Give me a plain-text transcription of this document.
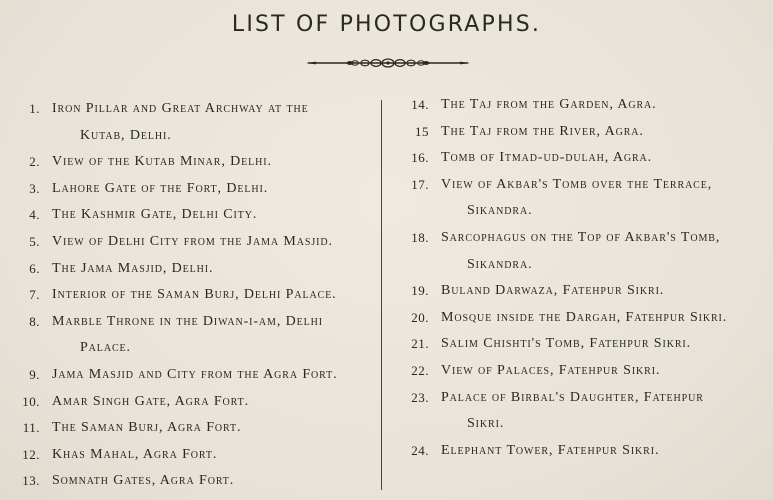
LIST OF PHOTOGRAPHS.
1. Iron Pillar and Great Archway at the
Kutab, Delhi.
2. View of the Kutab Minar, Delhi.
3. Lahore Gate of the Fort, Delhi.
4. The Kashmir Gate, Delhi City.
5. View of Delhi City from the Jama Masjid.
6. The Jama Masjid, Delhi.
7. Interior of the Saman Burj, Delhi Palace.
8. Marble Throne in the Diwan-i-am, Delhi
Palace.
9. Jama Masjid and City from the Agra Fort.
10. Amar Singh Gate, Agra Fort.
11. The Saman Burj, Agra Fort.
12. Khas Mahal, Agra Fort.
13. Somnath Gates, Agra Fort.
14. The Taj from the Garden, Agra.
15 The Taj from the River, Agra.
16. Tomb of Itmad-ud-dulah, Agra.
17. View of Akbar's Tomb over the Terrace,
Sikandra.
18. Sarcophagus on the Top of Akbar's Tomb,
Sikandra.
19. Buland Darwaza, Fatehpur Sikri.
20. Mosque inside the Dargah, Fatehpur Sikri.
21. Salim Chishti's Tomb, Fatehpur Sikri.
22. View of Palaces, Fatehpur Sikri.
23. Palace of Birbal's Daughter, Fatehpur
Sikri.
24. Elephant Tower, Fatehpur Sikri.
